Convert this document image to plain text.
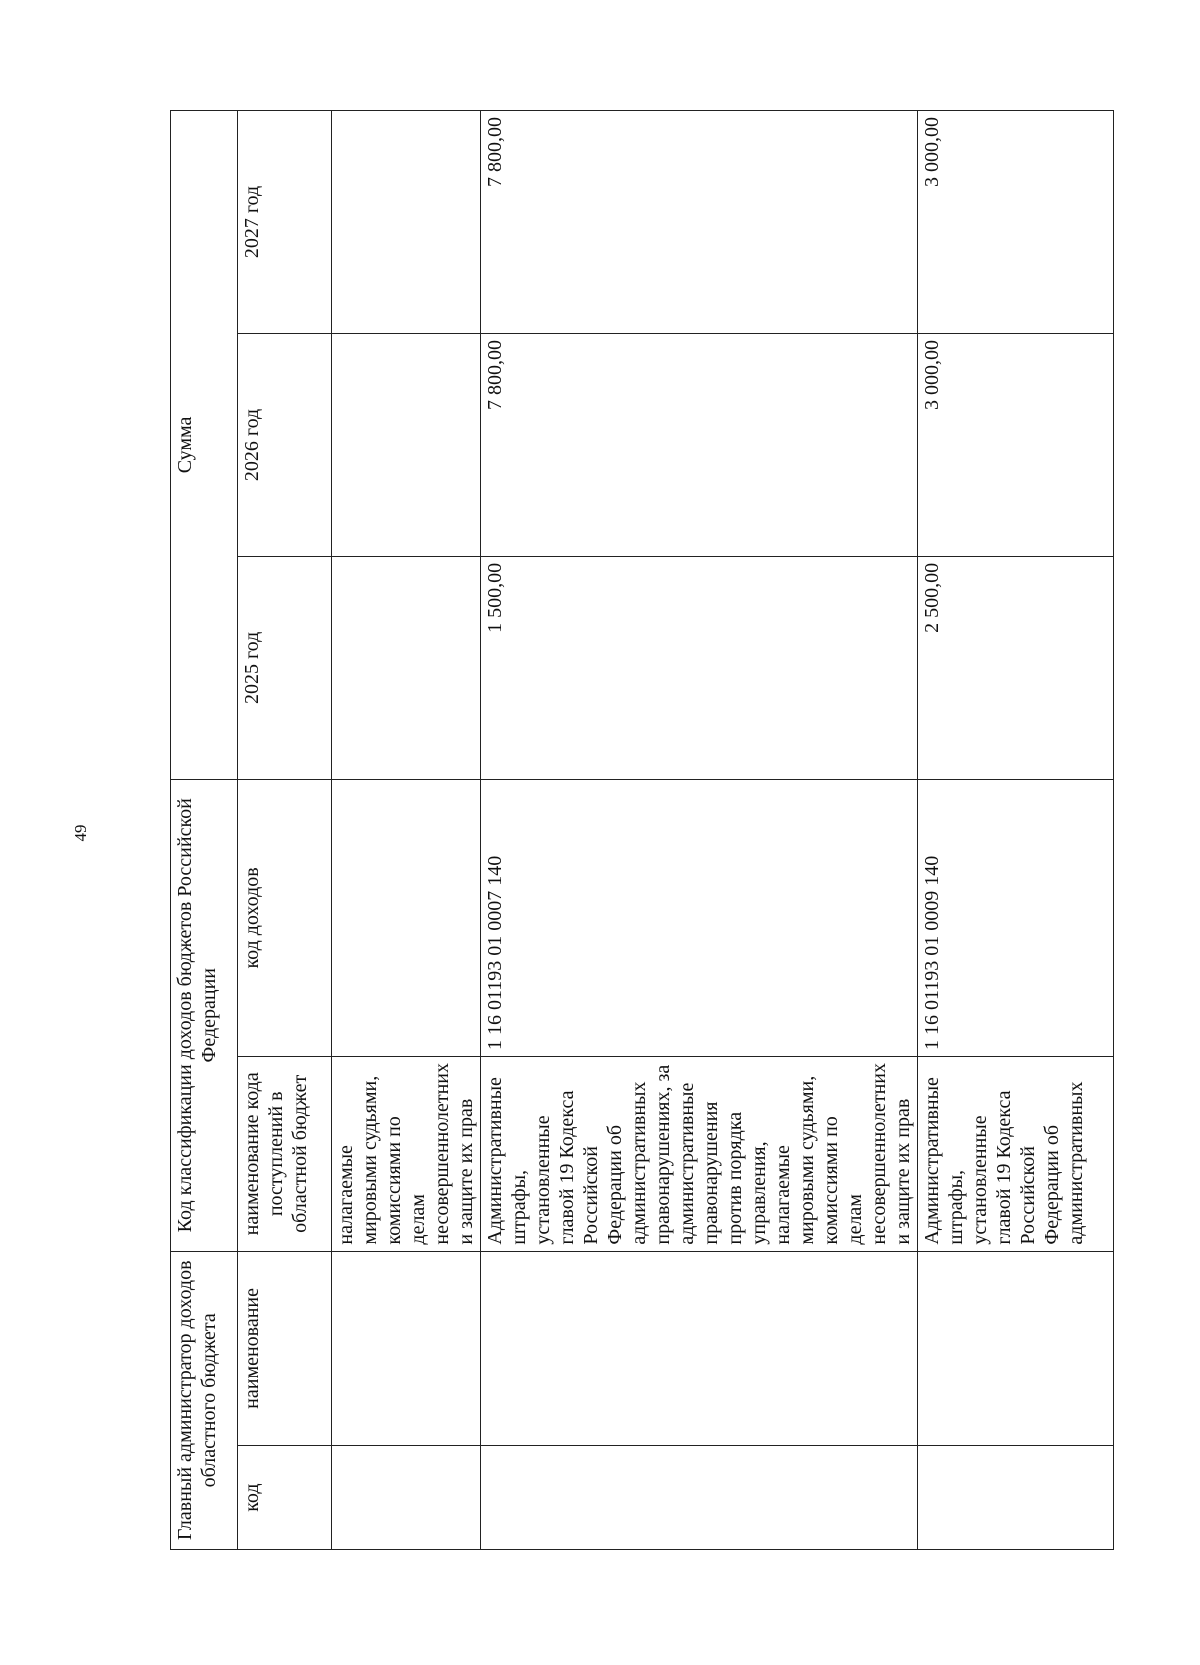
49
Главный администратор доходов областного бюджета		Код классификации доходов бюджетов Российской Федерации		Сумма		
код	наименование	наименование кода поступлений в областной бюджет	код доходов	2025 год	2026 год	2027 год

		налагаемые мировыми судьями, комиссиями по делам несовершеннолетних и защите их прав				

		Административные штрафы, установленные главой 19 Кодекса Российской Федерации об административных правонарушениях, за административные правонарушения против порядка управления, налагаемые мировыми судьями, комиссиями по делам несовершеннолетних и защите их прав	1 16 01193 01 0007 140	1 500,00	7 800,00	7 800,00

		Административные штрафы, установленные главой 19 Кодекса Российской Федерации об административных	1 16 01193 01 0009 140	2 500,00	3 000,00	3 000,00
